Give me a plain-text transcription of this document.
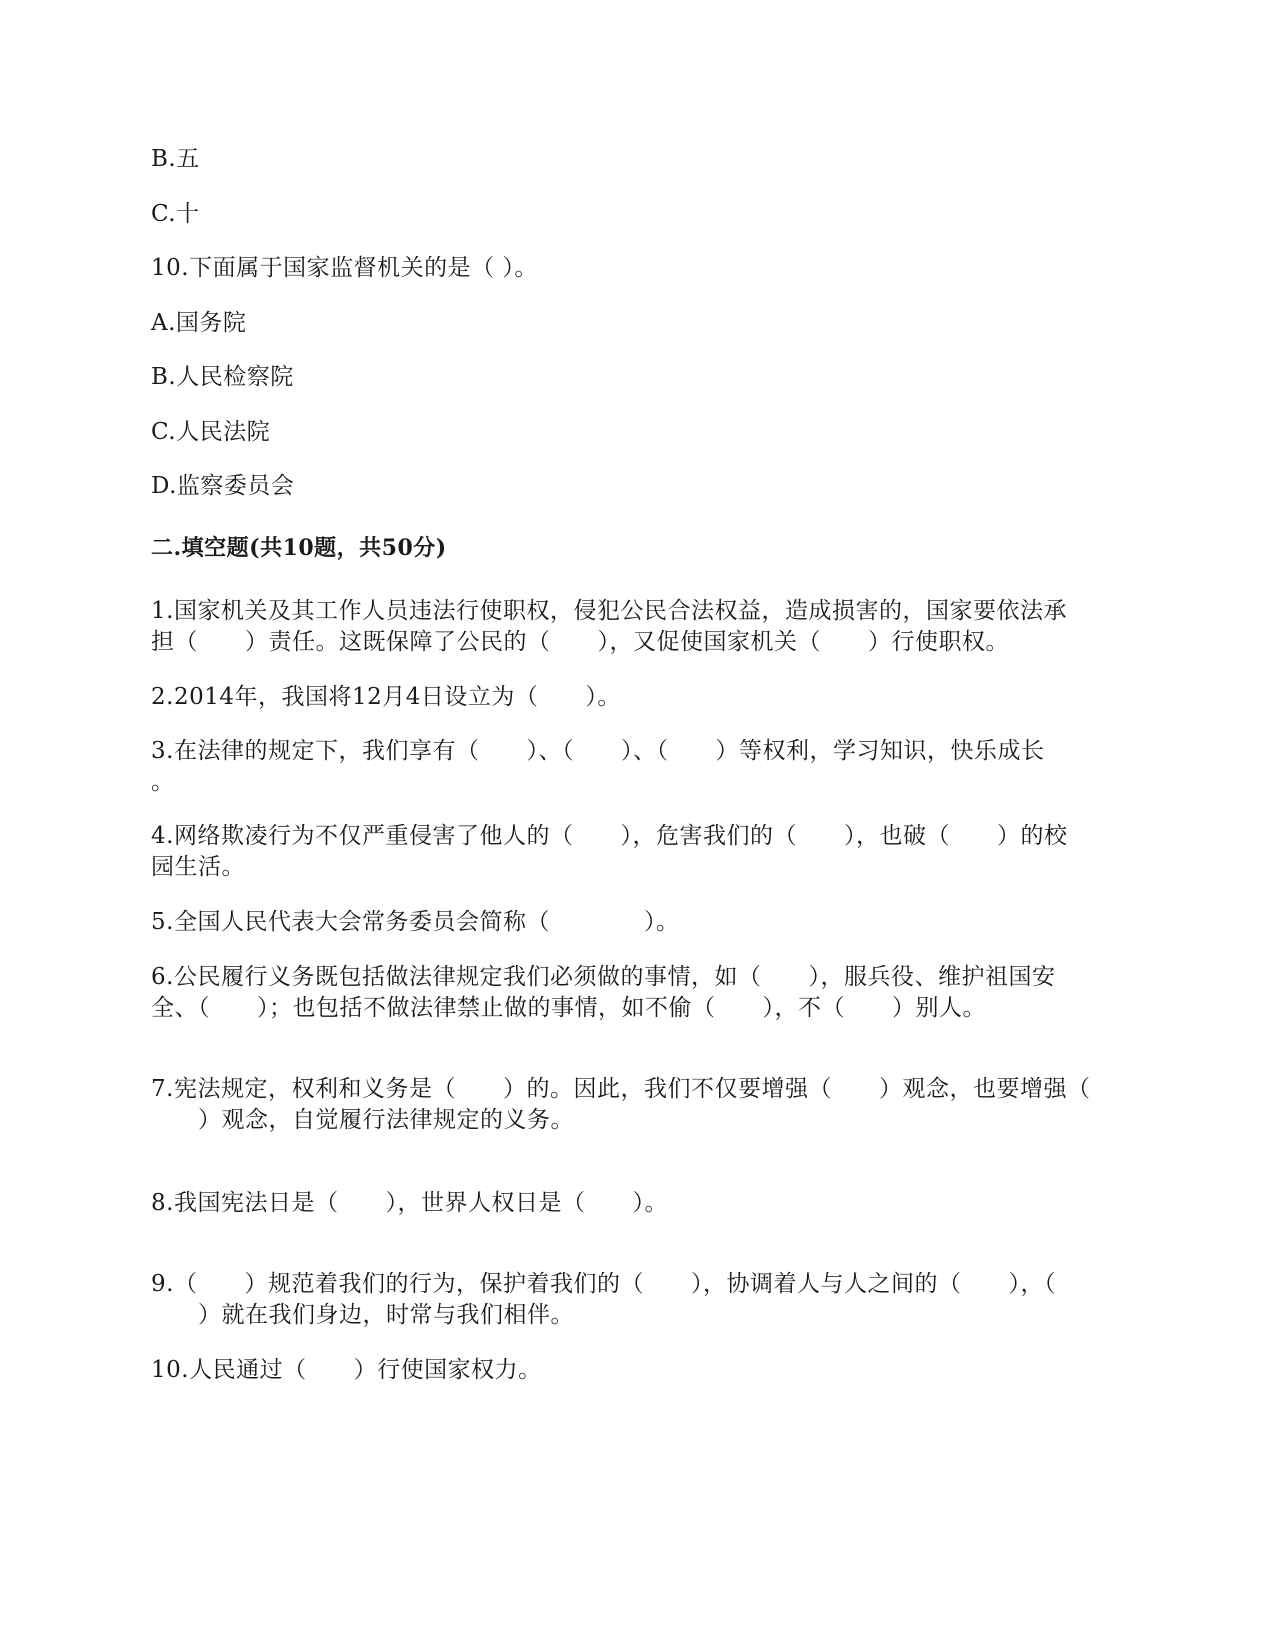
B.五
C.十
10.下面属于国家监督机关的是（ ）。
A.国务院
B.人民检察院
C.人民法院
D.监察委员会
二.填空题(共10题，共50分)
1.国家机关及其工作人员违法行使职权，侵犯公民合法权益，造成损害的，国家要依法承
担（　　）责任。这既保障了公民的（　　），又促使国家机关（　　）行使职权。
2.2014年，我国将12月4日设立为（　　）。
3.在法律的规定下，我们享有（　　）、（　　）、（　　）等权利，学习知识，快乐成长
。
4.网络欺凌行为不仅严重侵害了他人的（　　），危害我们的（　　），也破（　　）的校
园生活。
5.全国人民代表大会常务委员会简称（　　　　）。
6.公民履行义务既包括做法律规定我们必须做的事情，如（　　），服兵役、维护祖国安
全、（　　）；也包括不做法律禁止做的事情，如不偷（　　），不（　　）别人。
7.宪法规定，权利和义务是（　　）的。因此，我们不仅要增强（　　）观念，也要增强（
　　）观念，自觉履行法律规定的义务。
8.我国宪法日是（　　），世界人权日是（　　）。
9.（　　）规范着我们的行为，保护着我们的（　　），协调着人与人之间的（　　），（
　　）就在我们身边，时常与我们相伴。
10.人民通过（　　）行使国家权力。
